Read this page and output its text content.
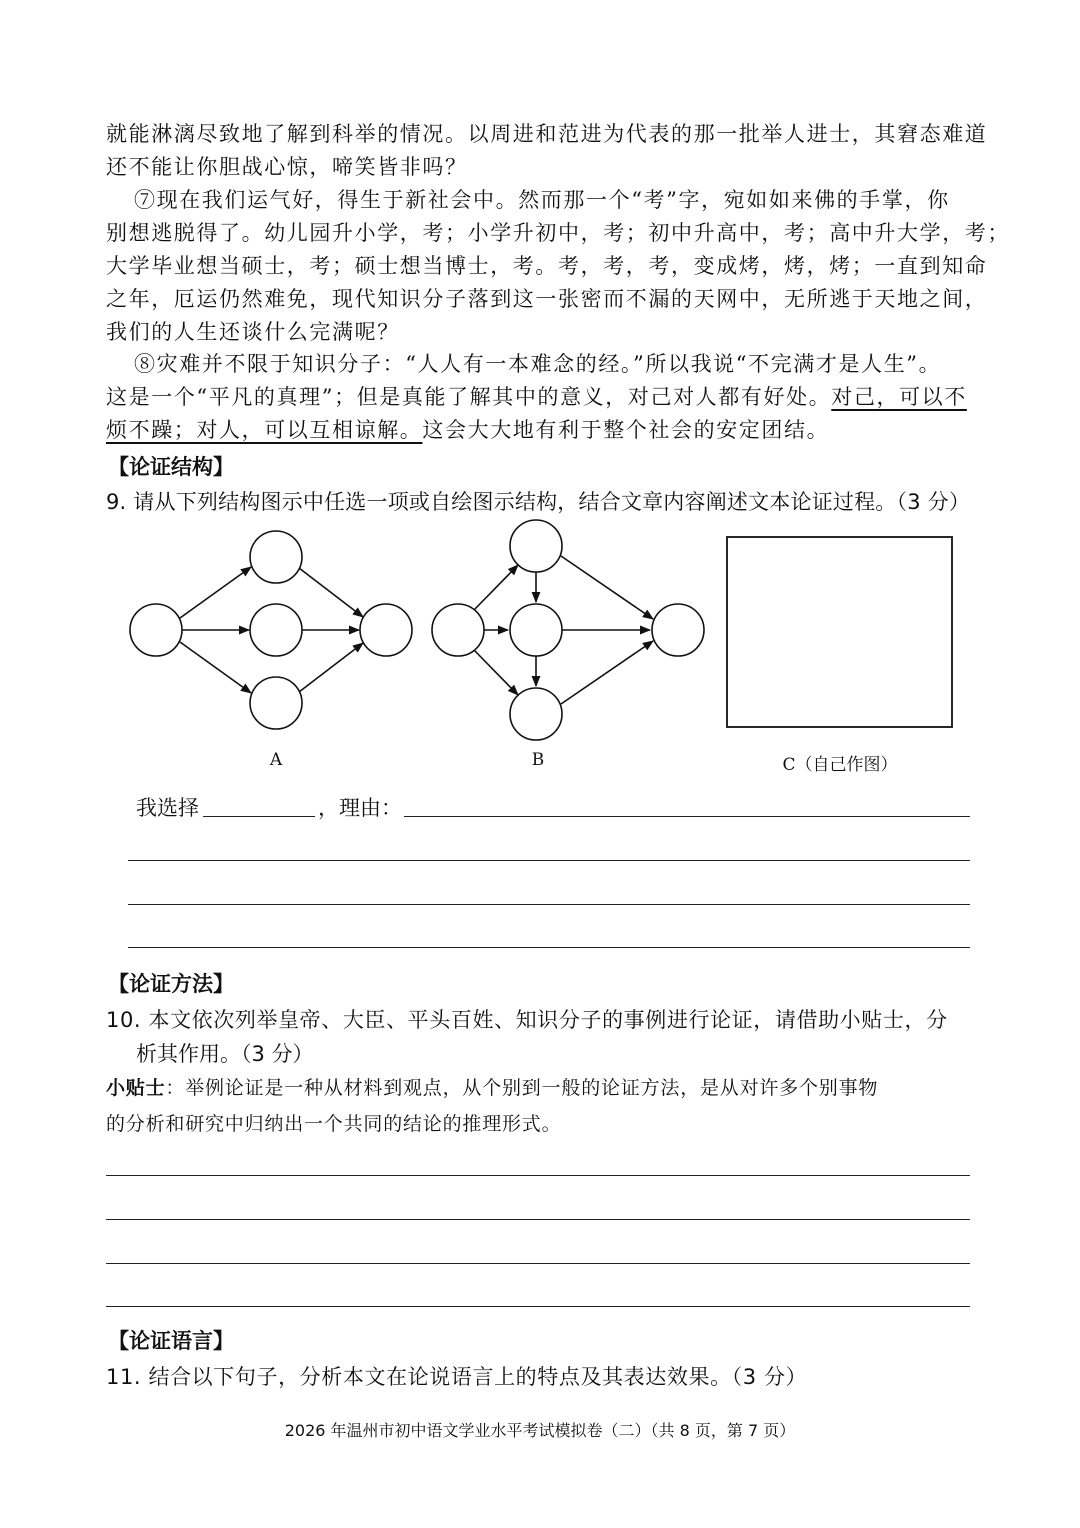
就能淋漓尽致地了解到科举的情况。以周进和范进为代表的那一批举人进士，其窘态难道
还不能让你胆战心惊，啼笑皆非吗？
⑦现在我们运气好，得生于新社会中。然而那一个“考”字，宛如如来佛的手掌，你
别想逃脱得了。幼儿园升小学，考；小学升初中，考；初中升高中，考；高中升大学，考；
大学毕业想当硕士，考；硕士想当博士，考。考，考，考，变成烤，烤，烤；一直到知命
之年，厄运仍然难免，现代知识分子落到这一张密而不漏的天网中，无所逃于天地之间，
我们的人生还谈什么完满呢？
⑧灾难并不限于知识分子：“人人有一本难念的经。”所以我说“不完满才是人生”。
这是一个“平凡的真理”；但是真能了解其中的意义，对己对人都有好处。对己，可以不
烦不躁；对人，可以互相谅解。这会大大地有利于整个社会的安定团结。
【论证结构】
9. 请从下列结构图示中任选一项或自绘图示结构，结合文章内容阐述文本论证过程。（3 分）
A	B	C（自己作图）
我选择	，理由：
【论证方法】
10. 本文依次列举皇帝、大臣、平头百姓、知识分子的事例进行论证，请借助小贴士，分
析其作用。（3 分）
小贴士：举例论证是一种从材料到观点，从个别到一般的论证方法，是从对许多个别事物
的分析和研究中归纳出一个共同的结论的推理形式。
【论证语言】
11. 结合以下句子，分析本文在论说语言上的特点及其表达效果。（3 分）
2026 年温州市初中语文学业水平考试模拟卷（二）（共 8 页，第 7 页）
